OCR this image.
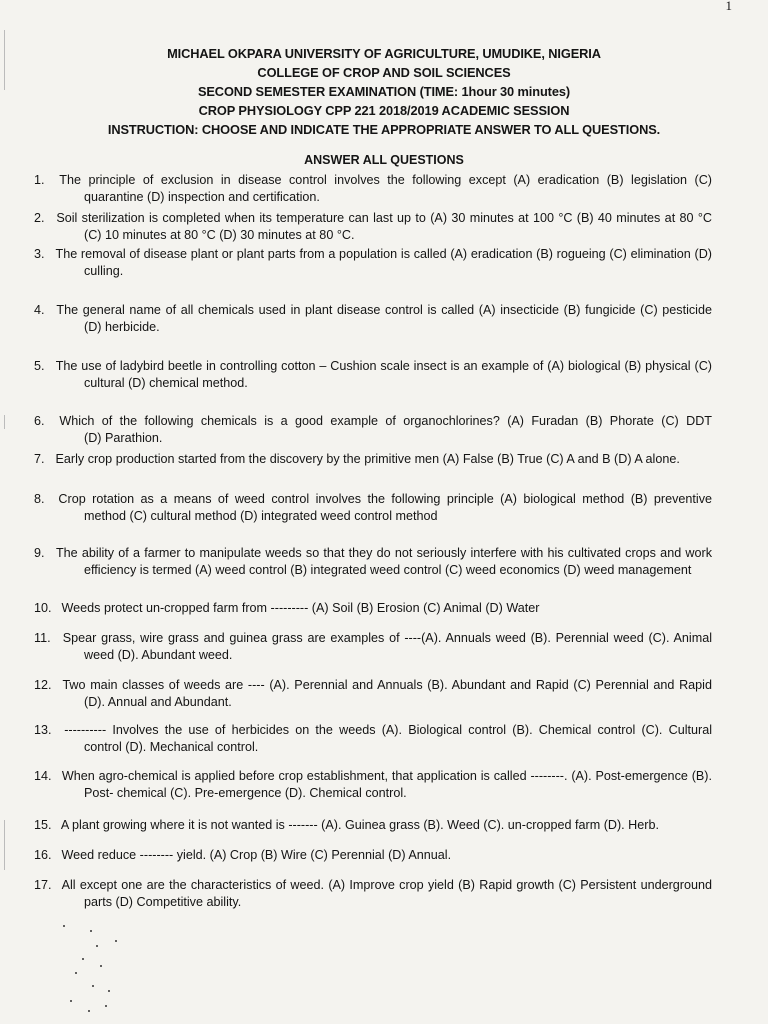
1
MICHAEL OKPARA UNIVERSITY OF AGRICULTURE, UMUDIKE, NIGERIA
COLLEGE OF CROP AND SOIL SCIENCES
SECOND SEMESTER EXAMINATION (TIME: 1hour 30 minutes)
CROP PHYSIOLOGY CPP 221 2018/2019 ACADEMIC SESSION
INSTRUCTION: CHOOSE AND INDICATE THE APPROPRIATE ANSWER TO ALL QUESTIONS.
ANSWER ALL QUESTIONS
1. The principle of exclusion in disease control involves the following except (A) eradication (B) legislation (C)
quarantine (D) inspection and certification.
2. Soil sterilization is completed when its temperature can last up to (A) 30 minutes at 100 °C (B) 40 minutes at 80 °C
(C) 10 minutes at 80 °C (D) 30 minutes at 80 °C.
3. The removal of disease plant or plant parts from a population is called (A) eradication (B) rogueing (C) elimination (D)
culling.
4. The general name of all chemicals used in plant disease control is called (A) insecticide (B) fungicide (C) pesticide
(D) herbicide.
5. The use of ladybird beetle in controlling cotton – Cushion scale insect is an example of (A) biological (B) physical (C)
cultural (D) chemical method.
6. Which of the following chemicals is a good example of organochlorines? (A) Furadan (B) Phorate (C) DDT
(D) Parathion.
7. Early crop production started from the discovery by the primitive men (A) False (B) True (C) A and B (D) A alone.
8. Crop rotation as a means of weed control involves the following principle (A) biological method (B) preventive
method (C) cultural method (D) integrated weed control method
9. The ability of a farmer to manipulate weeds so that they do not seriously interfere with his cultivated crops and work
efficiency is termed (A) weed control (B) integrated weed control (C) weed economics (D) weed management
10. Weeds protect un-cropped farm from --------- (A) Soil (B) Erosion (C) Animal (D) Water
11. Spear grass, wire grass and guinea grass are examples of ----(A). Annuals weed (B). Perennial weed (C). Animal
weed (D). Abundant weed.
12. Two main classes of weeds are ---- (A). Perennial and Annuals (B). Abundant and Rapid (C) Perennial and Rapid
(D). Annual and Abundant.
13. ---------- Involves the use of herbicides on the weeds (A). Biological control (B). Chemical control (C). Cultural
control (D). Mechanical control.
14. When agro-chemical is applied before crop establishment, that application is called --------. (A). Post-emergence (B).
Post- chemical (C). Pre-emergence (D). Chemical control.
15. A plant growing where it is not wanted is ------- (A). Guinea grass (B). Weed (C). un-cropped farm (D). Herb.
16. Weed reduce -------- yield. (A) Crop (B) Wire (C) Perennial (D) Annual.
17. All except one are the characteristics of weed. (A) Improve crop yield (B) Rapid growth (C) Persistent underground
parts (D) Competitive ability.
